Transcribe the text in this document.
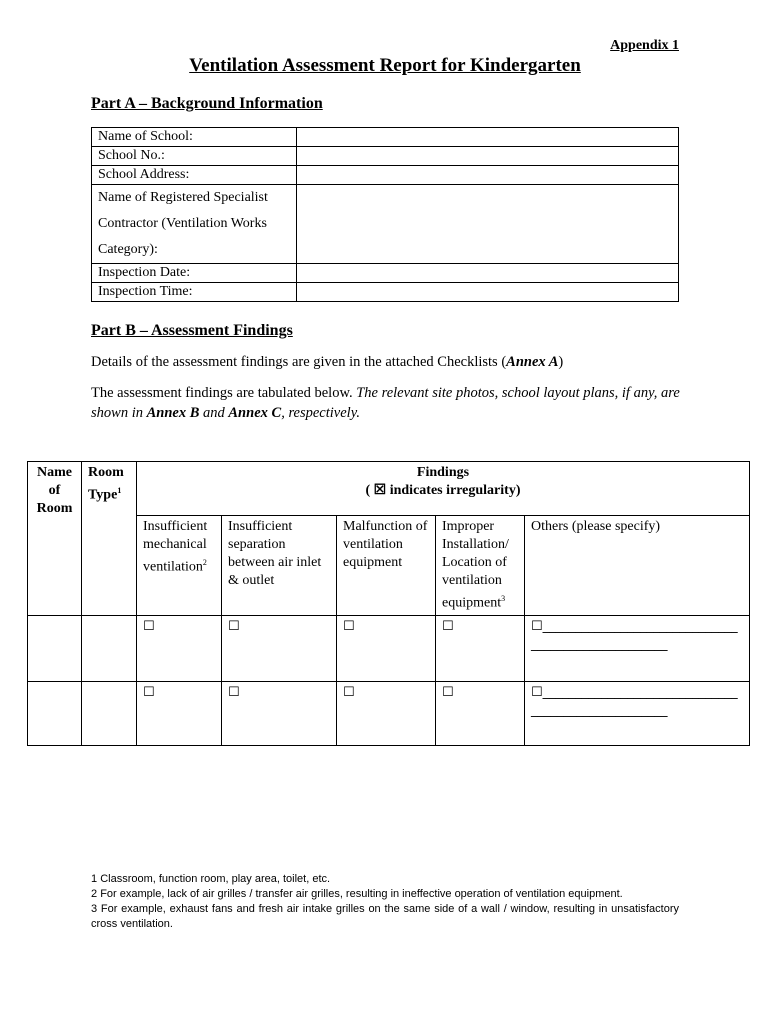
Appendix 1
Ventilation Assessment Report for Kindergarten
Part A – Background Information
Name of School:	
School No.:	
School Address:	

Name of Registered Specialist
Contractor (Ventilation Works
Category):	

Inspection Date:	
Inspection Time:	
Part B – Assessment Findings
Details of the assessment findings are given in the attached Checklists (Annex A)
The assessment findings are tabulated below. The relevant site photos, school layout plans, if any, are shown in Annex B and Annex C, respectively.
Name of Room	Room Type$^1$	Findings
( ☒ indicates irregularity)				

		Insufficient mechanical ventilation$^2$	Insufficient separation between air inlet & outlet	Malfunction of ventilation equipment	Improper Installation/ Location of ventilation equipment$^3$	Others (please specify)
		☐	☐	☐	☐	☐___________________________________________________
		☐	☐	☐	☐	☐___________________________________________________

1 Classroom, function room, play area, toilet, etc.

2 For example, lack of air grilles / transfer air grilles, resulting in ineffective operation of ventilation equipment.

3 For example, exhaust fans and fresh air intake grilles on the same side of a wall / window, resulting in unsatisfactory cross ventilation.
